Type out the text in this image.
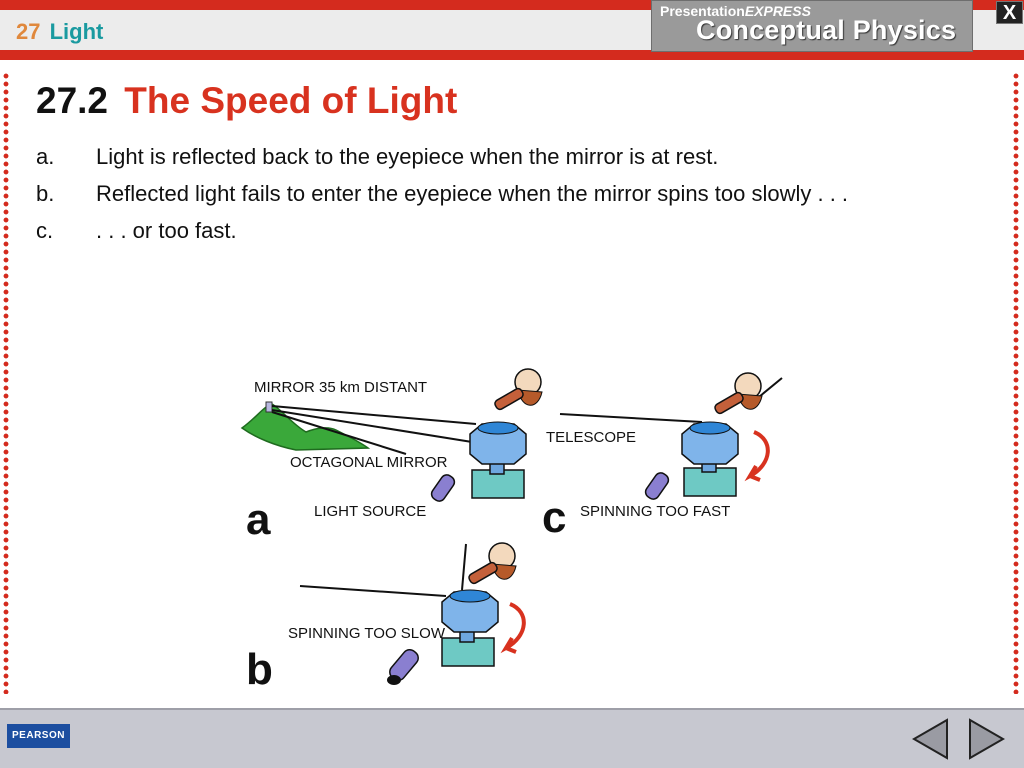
27 Light
PresentationEXPRESS
Conceptual Physics
X
27.2 The Speed of Light
a. Light is reflected back to the eyepiece when the mirror is at rest.
b. Reflected light fails to enter the eyepiece when the mirror spins too slowly . . .
c. . . . or too fast.
MIRROR 35 km DISTANT
TELESCOPE
OCTAGONAL MIRROR
LIGHT SOURCE	SPINNING TOO FAST
SPINNING TOO SLOW
a	c
b
PEARSON
